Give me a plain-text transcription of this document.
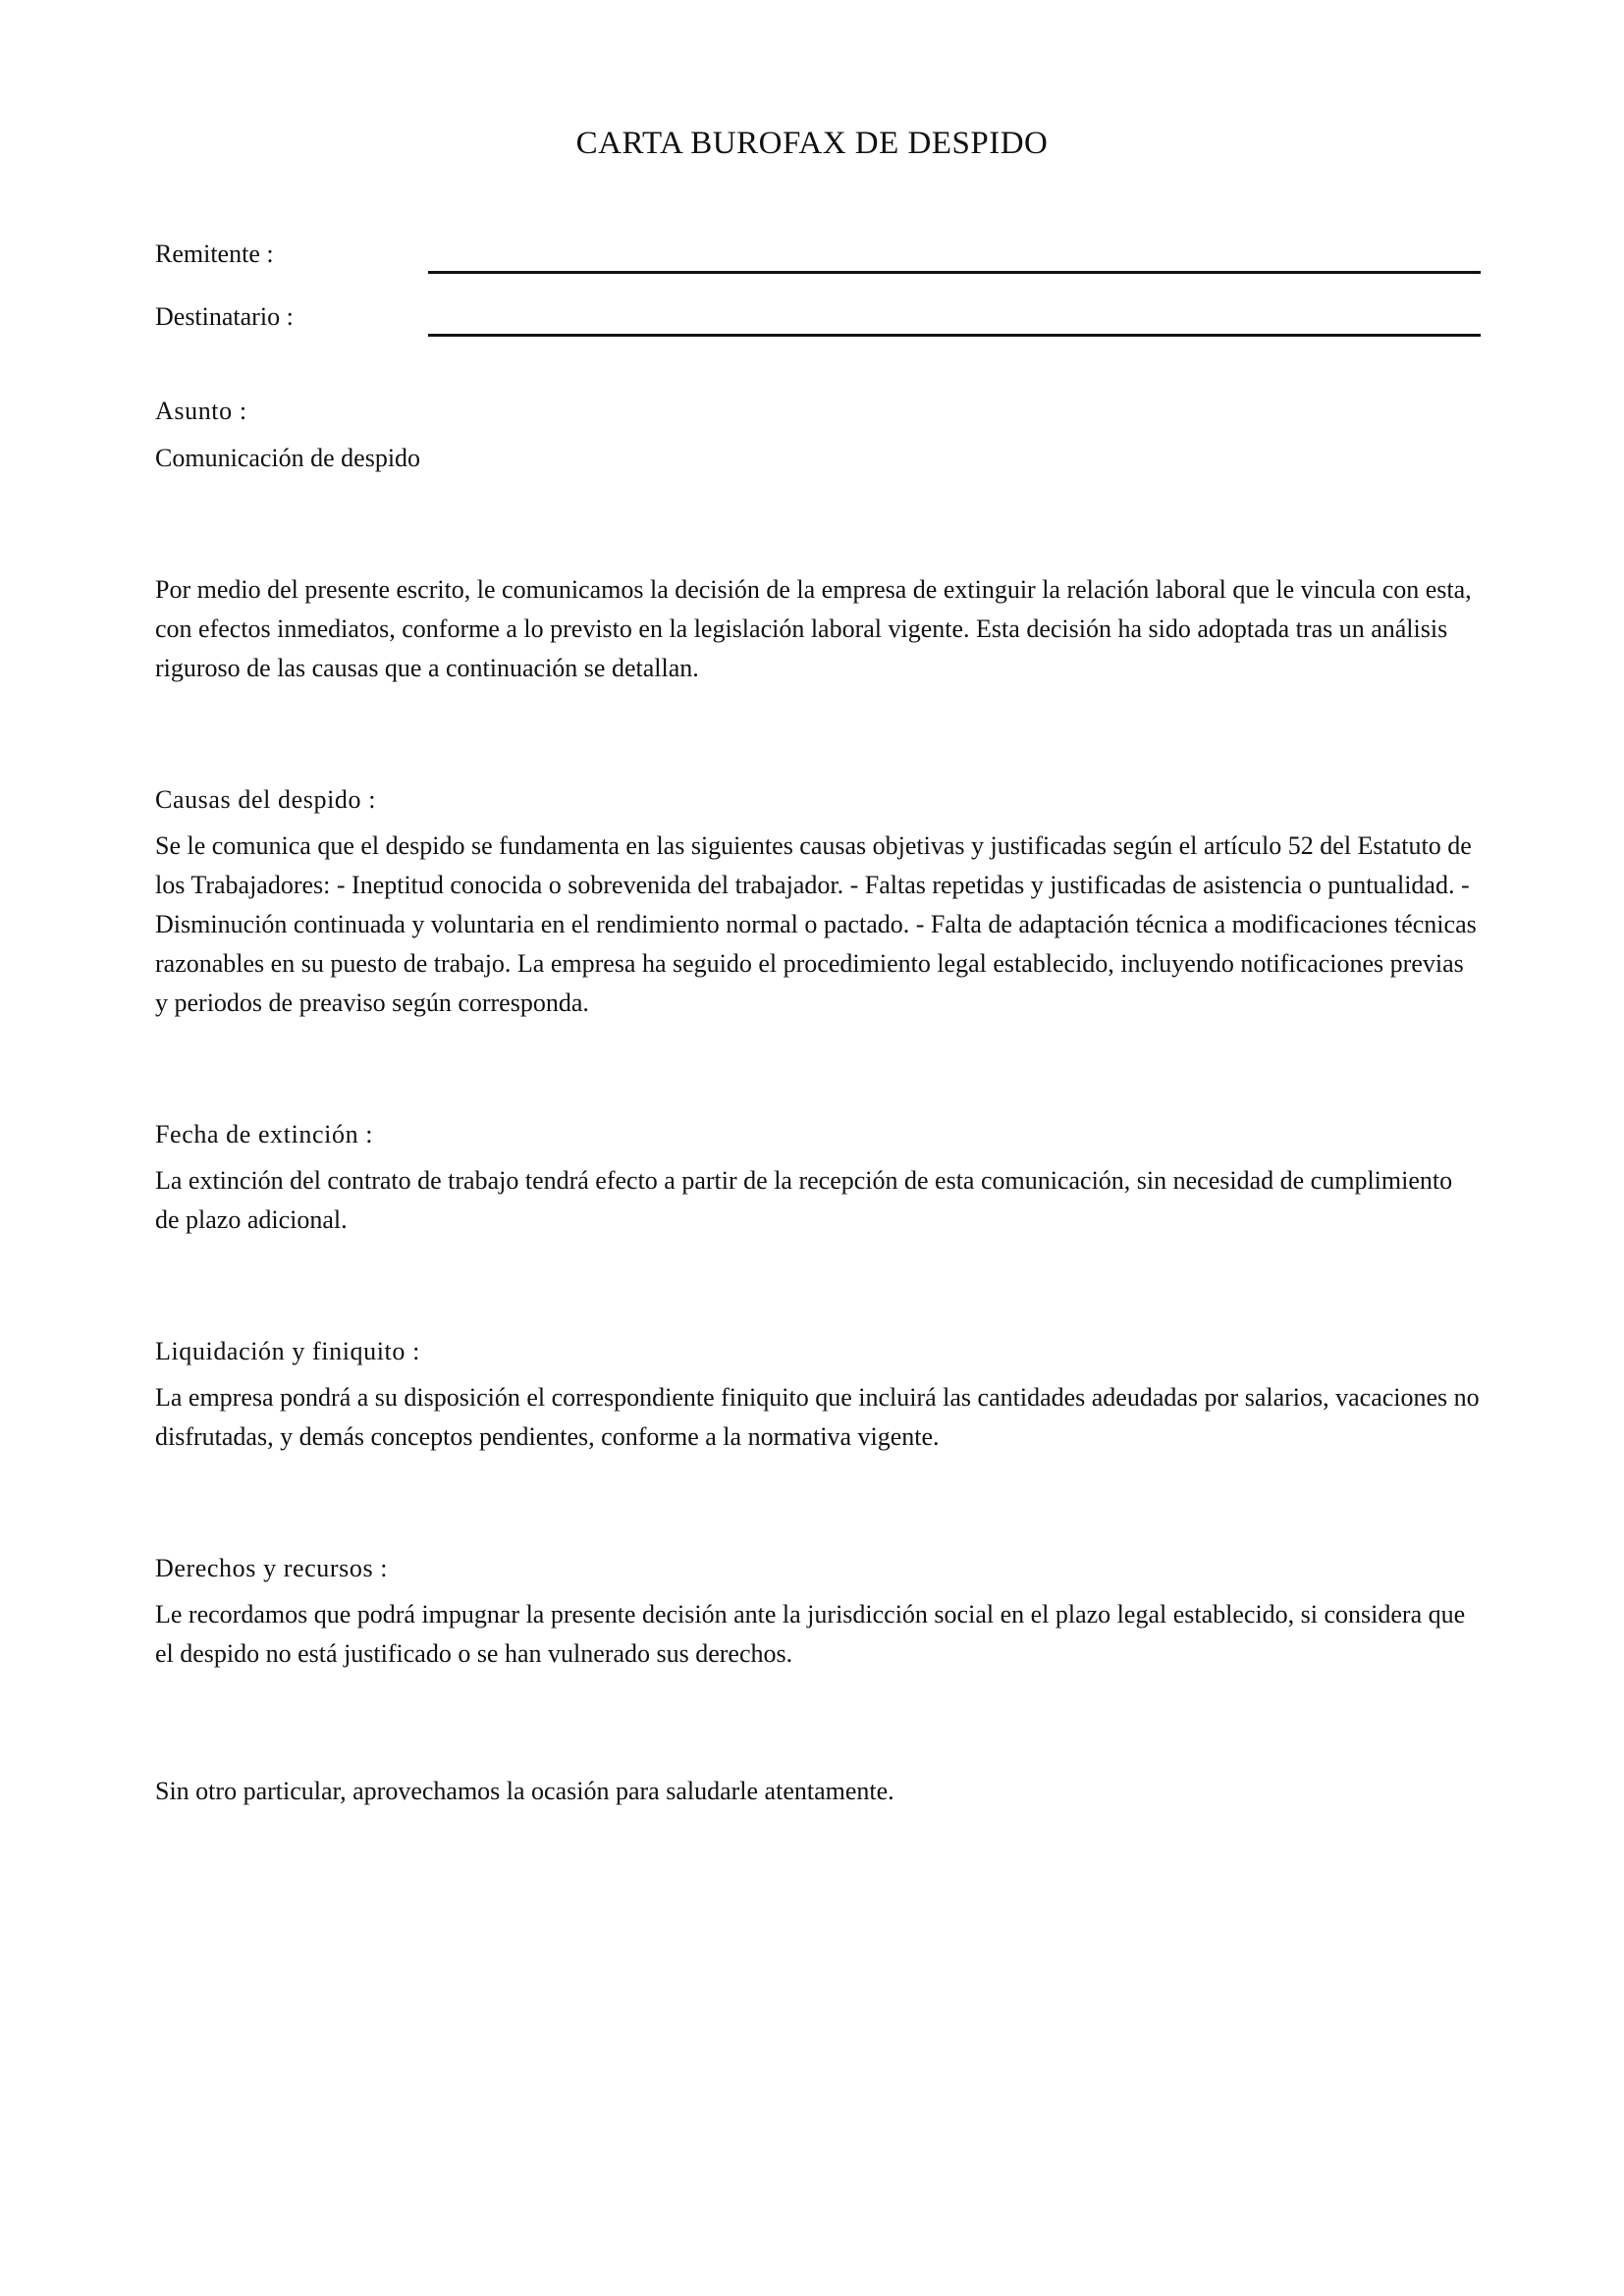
CARTA BUROFAX DE DESPIDO
Remitente :
Destinatario :
Asunto :
Comunicación de despido

Por medio del presente escrito, le comunicamos la decisión de la empresa de extinguir la relación laboral que le vincula con esta, con efectos inmediatos, conforme a lo previsto en la legislación laboral vigente. Esta decisión ha sido adoptada tras un análisis riguroso de las causas que a continuación se detallan.

Causas del despido :

Se le comunica que el despido se fundamenta en las siguientes causas objetivas y justificadas según el artículo 52 del Estatuto de los Trabajadores: - Ineptitud conocida o sobrevenida del trabajador. - Faltas repetidas y justificadas de asistencia o puntualidad. - Disminución continuada y voluntaria en el rendimiento normal o pactado. - Falta de adaptación técnica a modificaciones técnicas razonables en su puesto de trabajo. La empresa ha seguido el procedimiento legal establecido, incluyendo notificaciones previas y periodos de preaviso según corresponda.

Fecha de extinción :

La extinción del contrato de trabajo tendrá efecto a partir de la recepción de esta comunicación, sin necesidad de cumplimiento de plazo adicional.

Liquidación y finiquito :

La empresa pondrá a su disposición el correspondiente finiquito que incluirá las cantidades adeudadas por salarios, vacaciones no disfrutadas, y demás conceptos pendientes, conforme a la normativa vigente.

Derechos y recursos :

Le recordamos que podrá impugnar la presente decisión ante la jurisdicción social en el plazo legal establecido, si considera que el despido no está justificado o se han vulnerado sus derechos.

Sin otro particular, aprovechamos la ocasión para saludarle atentamente.
